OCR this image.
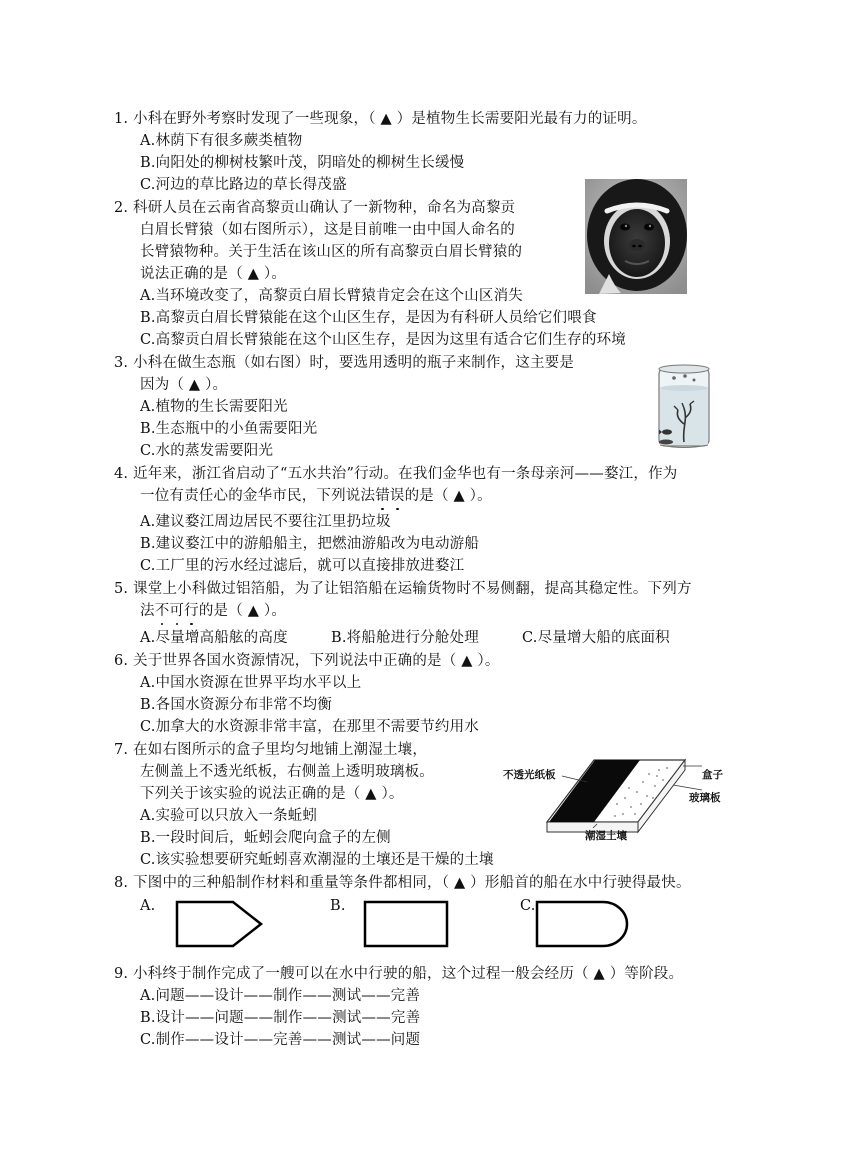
1. 小科在野外考察时发现了一些现象，（ ▲ ）是植物生长需要阳光最有力的证明。
A.林荫下有很多蕨类植物
B.向阳处的柳树枝繁叶茂，阴暗处的柳树生长缓慢
C.河边的草比路边的草长得茂盛
2. 科研人员在云南省高黎贡山确认了一新物种，命名为高黎贡
白眉长臂猿（如右图所示），这是目前唯一由中国人命名的
长臂猿物种。关于生活在该山区的所有高黎贡白眉长臂猿的
说法正确的是（ ▲ ）。
A.当环境改变了，高黎贡白眉长臂猿肯定会在这个山区消失
B.高黎贡白眉长臂猿能在这个山区生存，是因为有科研人员给它们喂食
C.高黎贡白眉长臂猿能在这个山区生存，是因为这里有适合它们生存的环境
3. 小科在做生态瓶（如右图）时，要选用透明的瓶子来制作，这主要是
因为（ ▲ ）。
A.植物的生长需要阳光
B.生态瓶中的小鱼需要阳光
C.水的蒸发需要阳光
4. 近年来，浙江省启动了“五水共治”行动。在我们金华也有一条母亲河——婺江，作为
一位有责任心的金华市民，下列说法错误的是（ ▲ ）。
A.建议婺江周边居民不要往江里扔垃圾
B.建议婺江中的游船船主，把燃油游船改为电动游船
C.工厂里的污水经过滤后，就可以直接排放进婺江
5. 课堂上小科做过铝箔船，为了让铝箔船在运输货物时不易侧翻，提高其稳定性。下列方
法不可行的是（ ▲ ）。
A.尽量增高船舷的高度	B.将船舱进行分舱处理	C.尽量增大船的底面积
6. 关于世界各国水资源情况，下列说法中正确的是（ ▲ ）。
A.中国水资源在世界平均水平以上
B.各国水资源分布非常不均衡
C.加拿大的水资源非常丰富，在那里不需要节约用水
7. 在如右图所示的盒子里均匀地铺上潮湿土壤，
左侧盖上不透光纸板，右侧盖上透明玻璃板。
下列关于该实验的说法正确的是（ ▲ ）。
A.实验可以只放入一条蚯蚓
B.一段时间后，蚯蚓会爬向盒子的左侧
C.该实验想要研究蚯蚓喜欢潮湿的土壤还是干燥的土壤
不透光纸板	盒子
玻璃板
潮湿土壤
8. 下图中的三种船制作材料和重量等条件都相同，（ ▲ ）形船首的船在水中行驶得最快。
A.	B.	C.
9. 小科终于制作完成了一艘可以在水中行驶的船，这个过程一般会经历（ ▲ ）等阶段。
A.问题——设计——制作——测试——完善
B.设计——问题——制作——测试——完善
C.制作——设计——完善——测试——问题
